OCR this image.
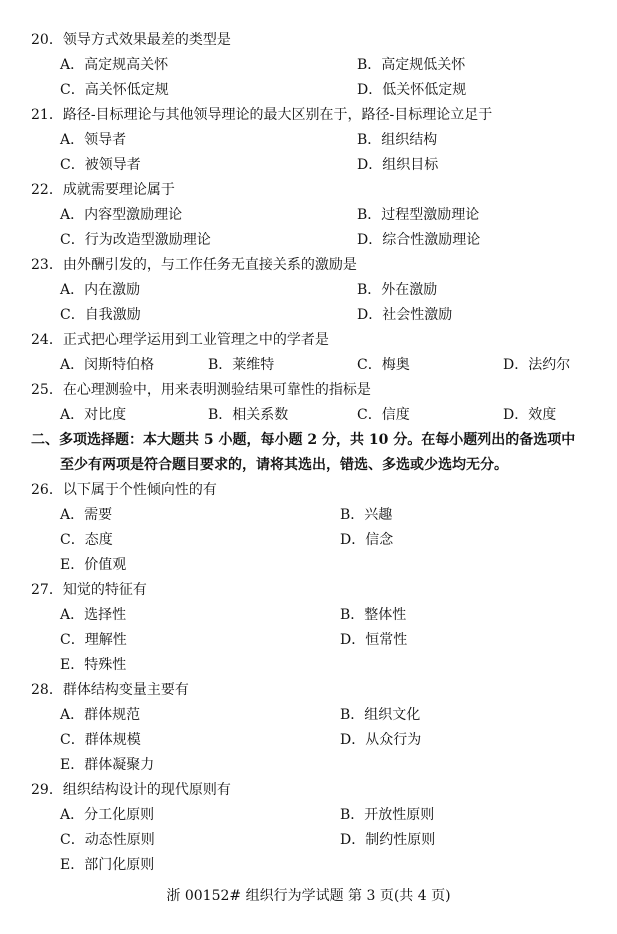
20．领导方式效果最差的类型是
A．高定规高关怀	B．高定规低关怀
C．高关怀低定规	D．低关怀低定规
21．路径-目标理论与其他领导理论的最大区别在于，路径-目标理论立足于
A．领导者	B．组织结构
C．被领导者	D．组织目标
22．成就需要理论属于
A．内容型激励理论	B．过程型激励理论
C．行为改造型激励理论	D．综合性激励理论
23．由外酬引发的，与工作任务无直接关系的激励是
A．内在激励	B．外在激励
C．自我激励	D．社会性激励
24．正式把心理学运用到工业管理之中的学者是
A．闵斯特伯格	B．莱维特	C．梅奥	D．法约尔
25．在心理测验中，用来表明测验结果可靠性的指标是
A．对比度	B．相关系数	C．信度	D．效度
二、多项选择题：本大题共 5 小题，每小题 2 分，共 10 分。在每小题列出的备选项中
至少有两项是符合题目要求的，请将其选出，错选、多选或少选均无分。
26．以下属于个性倾向性的有
A．需要	B．兴趣
C．态度	D．信念
E．价值观
27．知觉的特征有
A．选择性	B．整体性
C．理解性	D．恒常性
E．特殊性
28．群体结构变量主要有
A．群体规范	B．组织文化
C．群体规模	D．从众行为
E．群体凝聚力
29．组织结构设计的现代原则有
A．分工化原则	B．开放性原则
C．动态性原则	D．制约性原则
E．部门化原则
浙 00152# 组织行为学试题 第 3 页(共 4 页)
